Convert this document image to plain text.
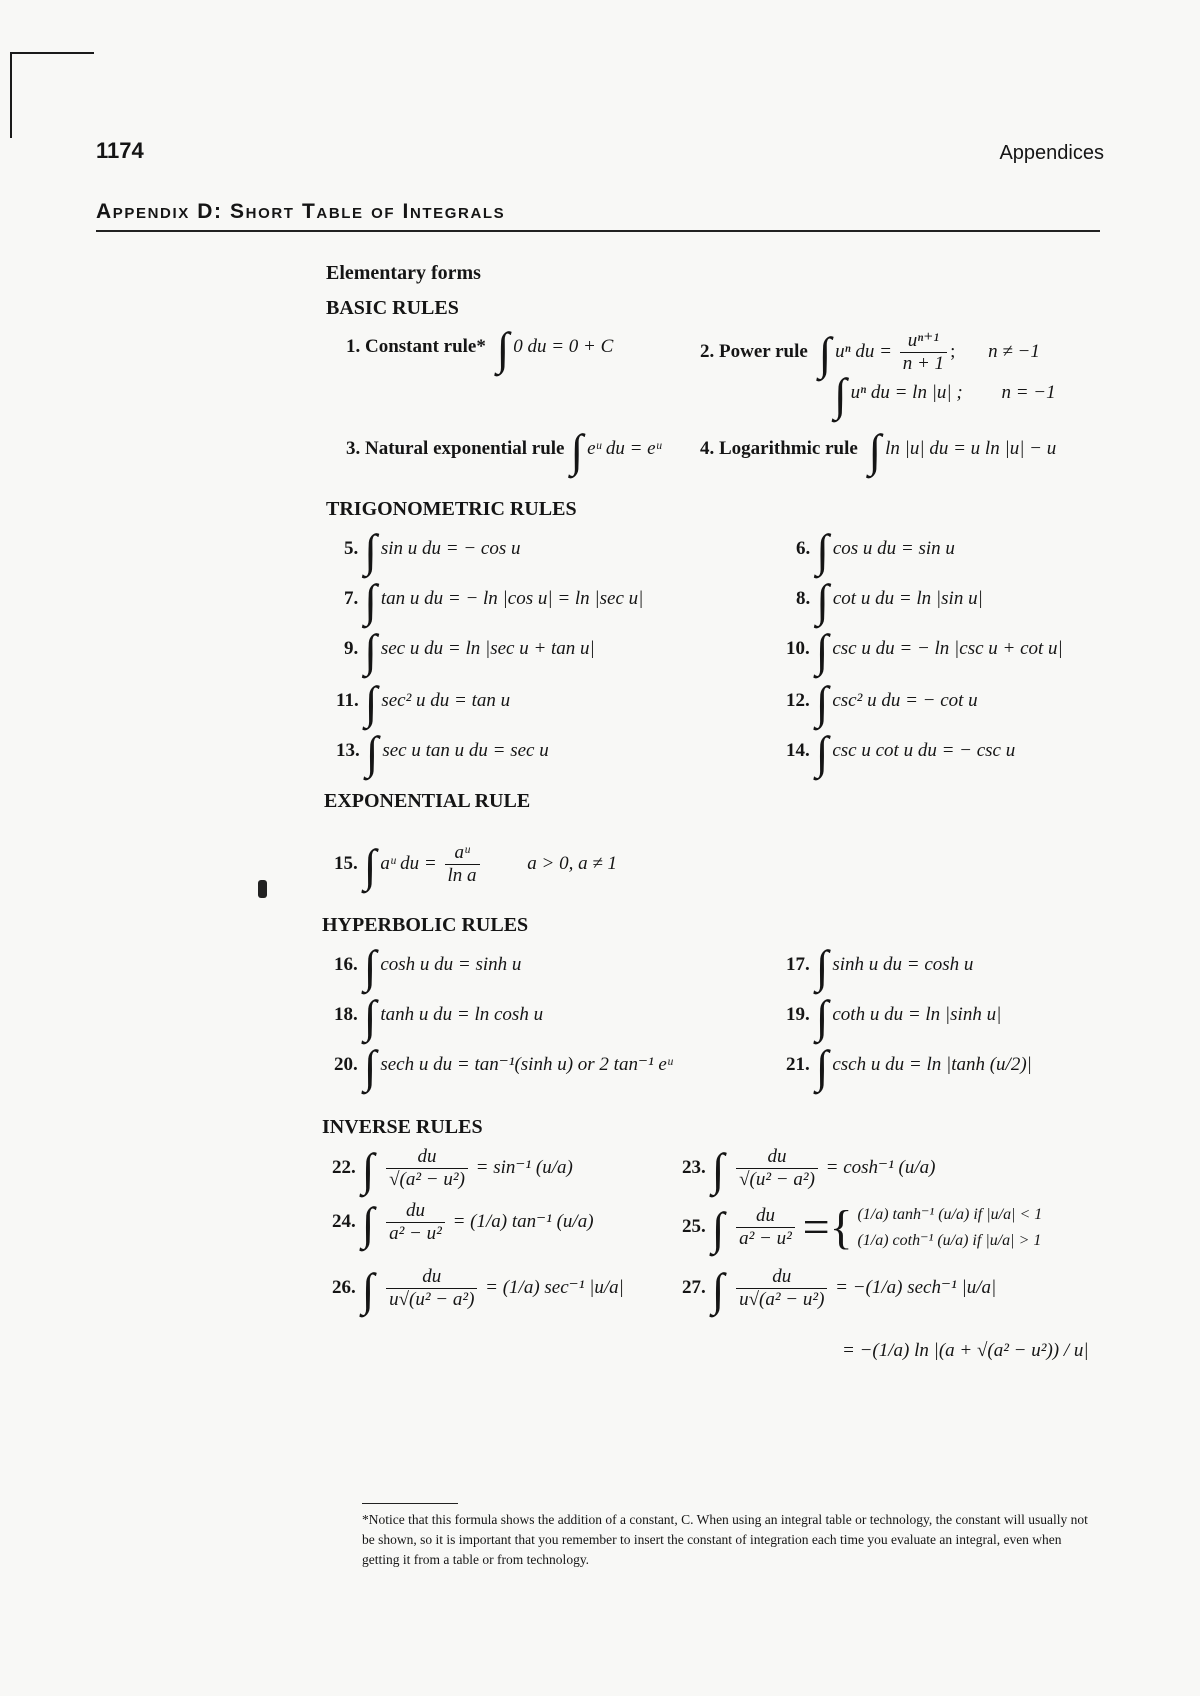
1174	Appendices
Appendix D: Short Table of Integrals
Elementary forms
BASIC RULES
1. Constant rule* ∫ 0 du = 0 + C	2. Power rule ∫ uⁿ du = $\frac{\text{uⁿ⁺¹}}{n + 1}$ ; n ≠ −1
∫ uⁿ du = ln |u| ; n = −1
3. Natural exponential rule ∫ eᵘ du = eᵘ 4. Logarithmic rule ∫ ln |u| du = u ln |u| − u
TRIGONOMETRIC RULES
5. ∫ sin u du = − cos u	6. ∫ cos u du = sin u
7. ∫ tan u du = − ln |cos u| = ln |sec u|	8. ∫ cot u du = ln |sin u|
9. ∫ sec u du = ln |sec u + tan u|	10. ∫ csc u du = − ln |csc u + cot u|
11. ∫ sec² u du = tan u	12. ∫ csc² u du = − cot u
13. ∫ sec u tan u du = sec u	14. ∫ csc u cot u du = − csc u
EXPONENTIAL RULE
15. ∫ aᵘ du = $\frac{\text{aᵘ}}{\text{ln a}}$	a > 0, a ≠ 1
HYPERBOLIC RULES
16. ∫ cosh u du = sinh u	17. ∫ sinh u du = cosh u
18. ∫ tanh u du = ln cosh u	19. ∫ coth u du = ln |sinh u|
20. ∫ sech u du = tan⁻¹(sinh u) or 2 tan⁻¹ eᵘ	21. ∫ csch u du = ln |tanh (u/2)|
INVERSE RULES
22. ∫ $\frac{du}{\text{√(a² − u²)}} = \sin^{-1}$ (u/a)	23. ∫ $\frac{du}{\text{√(u² − a²)}} = \cosh^{-1}$ (u/a)
24. ∫ $\frac{du}{\text{a² − u²}} = (1/a)$ tan⁻¹ (u/a)	25. ∫ $\frac{du}{\text{a² − u²}}$ ={ (1/a) tanh⁻¹ (u/a) if |u/a| < 1
(1/a) coth⁻¹ (u/a) if |u/a| > 1
26. ∫ $\frac{du}{\text{u√(u² − a²)}} = (1/a)$ sec⁻¹ |u/a|	27. ∫ $\frac{du}{\text{u√(a² − u²)}} = -(1/a)$ sech⁻¹ |u/a|
= −(1/a) ln |(a + √(a² − u²)) / u|
*Notice that this formula shows the addition of a constant, C. When using an integral table or technology, the constant will usually not be shown, so it is important that you remember to insert the constant of integration each time you evaluate an integral, even when getting it from a table or from technology.
